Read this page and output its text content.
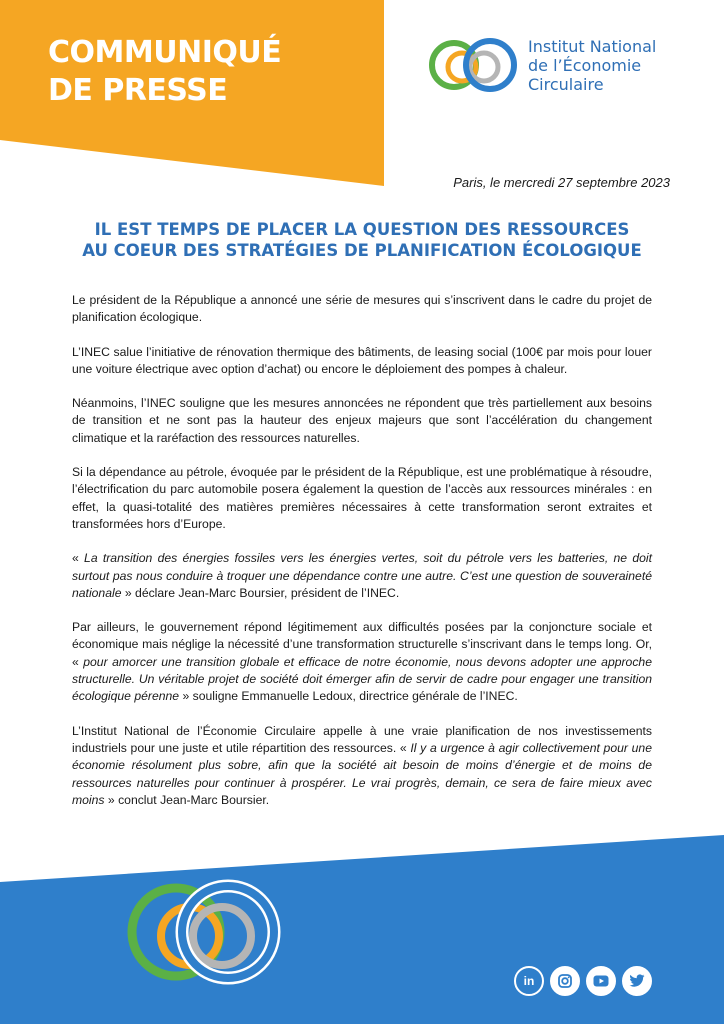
COMMUNIQUÉ
DE PRESSE
Institut National
de l’Économie
Circulaire
Paris, le mercredi 27 septembre 2023
IL EST TEMPS DE PLACER LA QUESTION DES RESSOURCES
AU COEUR DES STRATÉGIES DE PLANIFICATION ÉCOLOGIQUE

Le président de la République a annoncé une série de mesures qui s’inscrivent dans le cadre du projet de planification écologique.

L’INEC salue l’initiative de rénovation thermique des bâtiments, de leasing social (100€ par mois pour louer une voiture électrique avec option d’achat) ou encore le déploiement des pompes à chaleur.

Néanmoins, l’INEC souligne que les mesures annoncées ne répondent que très partiellement aux besoins de transition et ne sont pas la hauteur des enjeux majeurs que sont l’accélération du changement climatique et la raréfaction des ressources naturelles.

Si la dépendance au pétrole, évoquée par le président de la République, est une problématique à résoudre, l’électrification du parc automobile posera également la question de l’accès aux ressources minérales : en effet, la quasi-totalité des matières premières nécessaires à cette transformation seront extraites et transformées hors d’Europe.

« La transition des énergies fossiles vers les énergies vertes, soit du pétrole vers les batteries, ne doit surtout pas nous conduire à troquer une dépendance contre une autre. C’est une question de souveraineté nationale » déclare Jean-Marc Boursier, président de l’INEC.

Par ailleurs, le gouvernement répond légitimement aux difficultés posées par la conjoncture sociale et économique mais néglige la nécessité d’une transformation structurelle s’inscrivant dans le temps long. Or, « pour amorcer une transition globale et efficace de notre économie, nous devons adopter une approche structurelle. Un véritable projet de société doit émerger afin de servir de cadre pour engager une transition écologique pérenne » souligne Emmanuelle Ledoux, directrice générale de l’INEC.

L’Institut National de l’Économie Circulaire appelle à une vraie planification de nos investissements industriels pour une juste et utile répartition des ressources. « Il y a urgence à agir collectivement pour une économie résolument plus sobre, afin que la société ait besoin de moins d’énergie et de moins de ressources naturelles pour continuer à prospérer. Le vrai progrès, demain, ce sera de faire mieux avec moins » conclut Jean-Marc Boursier.

in
